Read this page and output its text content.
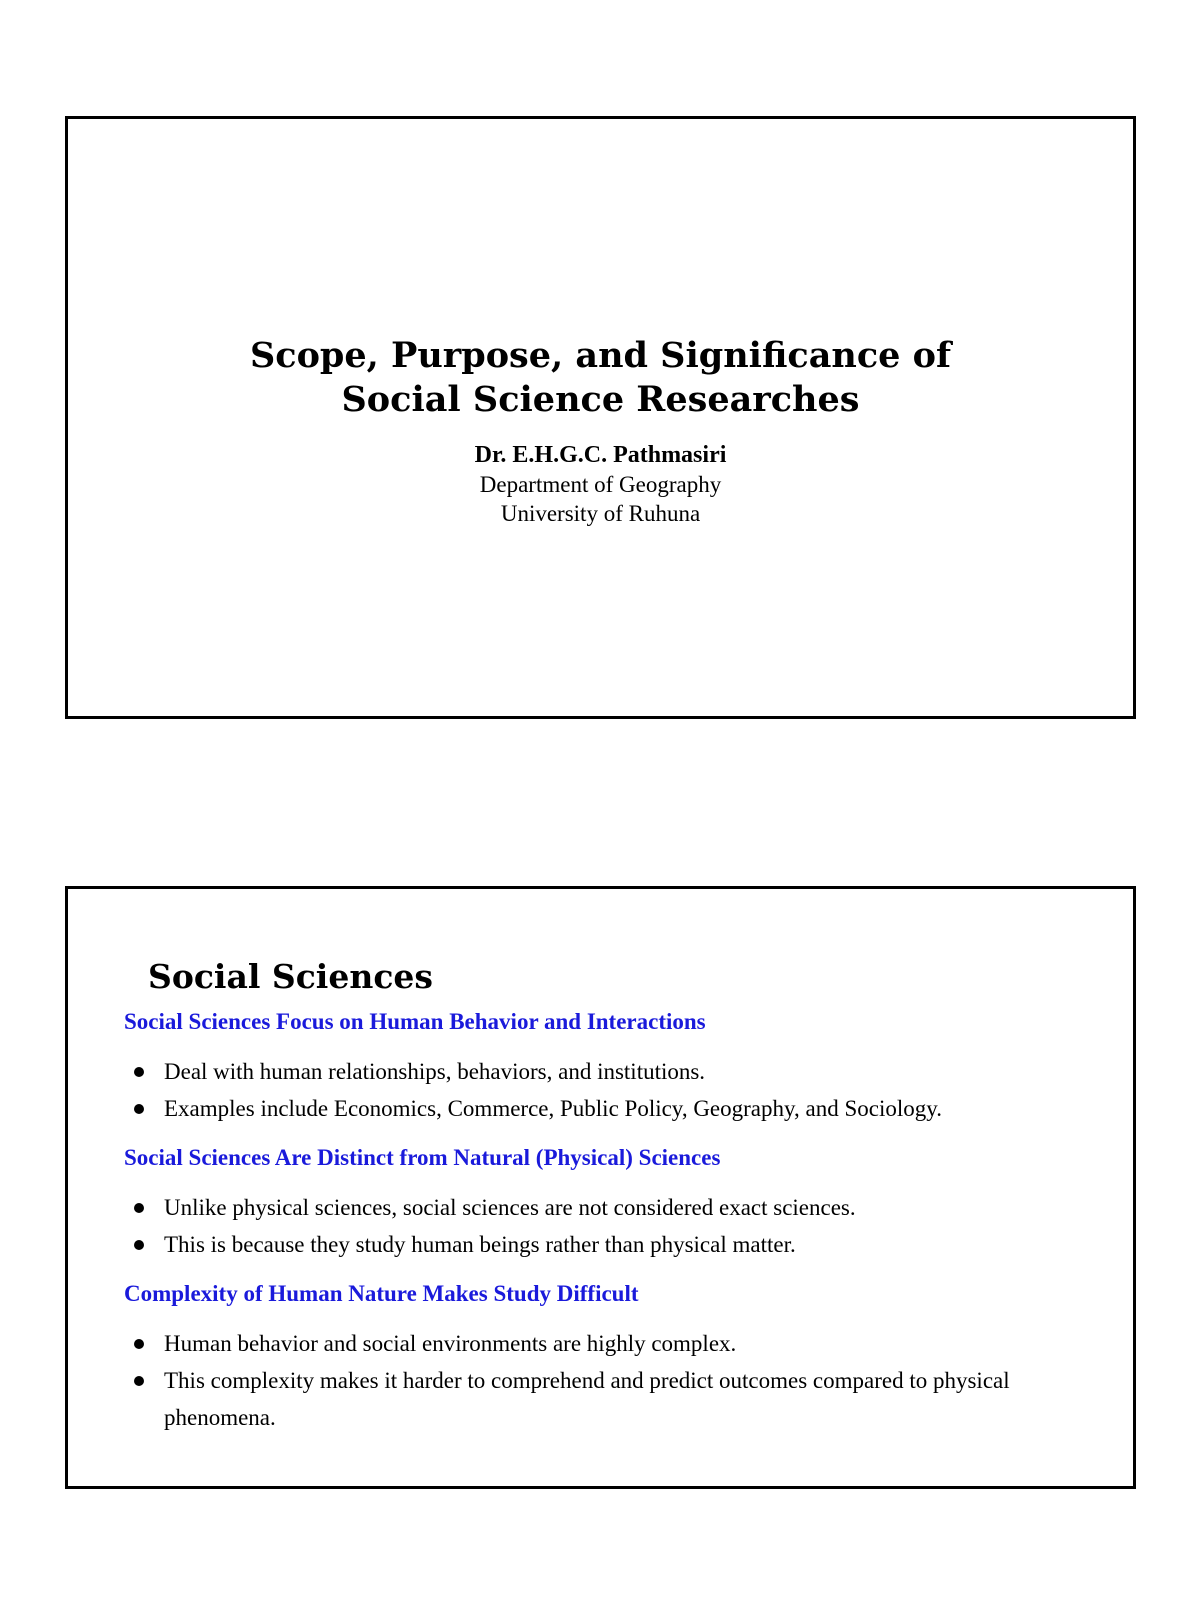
Scope, Purpose, and Significance of
Social Science Researches
Dr. E.H.G.C. Pathmasiri
Department of Geography
University of Ruhuna
Social Sciences
Social Sciences Focus on Human Behavior and Interactions
Deal with human relationships, behaviors, and institutions.
Examples include Economics, Commerce, Public Policy, Geography, and Sociology.
Social Sciences Are Distinct from Natural (Physical) Sciences
Unlike physical sciences, social sciences are not considered exact sciences.
This is because they study human beings rather than physical matter.
Complexity of Human Nature Makes Study Difficult
Human behavior and social environments are highly complex.
This complexity makes it harder to comprehend and predict outcomes compared to physical phenomena.
